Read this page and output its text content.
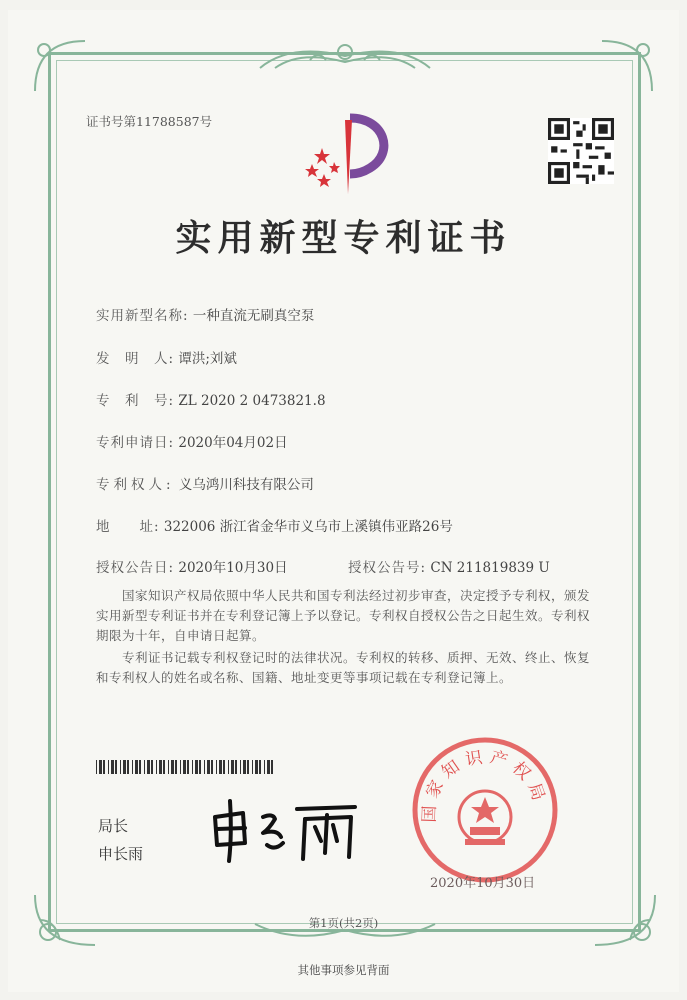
证书号第11788587号
实用新型专利证书
实用新型名称: 一种直流无刷真空泵
发　明　人: 谭洪;刘斌
专　利　号: ZL 2020 2 0473821.8
专利申请日: 2020年04月02日
专利权人: 义乌鸿川科技有限公司
地　　址: 322006 浙江省金华市义乌市上溪镇伟亚路26号
授权公告日: 2020年10月30日	授权公告号: CN 211819839 U
国家知识产权局依照中华人民共和国专利法经过初步审查，决定授予专利权，颁发实用新型专利证书并在专利登记簿上予以登记。专利权自授权公告之日起生效。专利权期限为十年，自申请日起算。
专利证书记载专利权登记时的法律状况。专利权的转移、质押、无效、终止、恢复和专利权人的姓名或名称、国籍、地址变更等事项记载在专利登记簿上。
局长
申长雨
国家知识产权局
2020年10月30日
第1页(共2页)
其他事项参见背面
